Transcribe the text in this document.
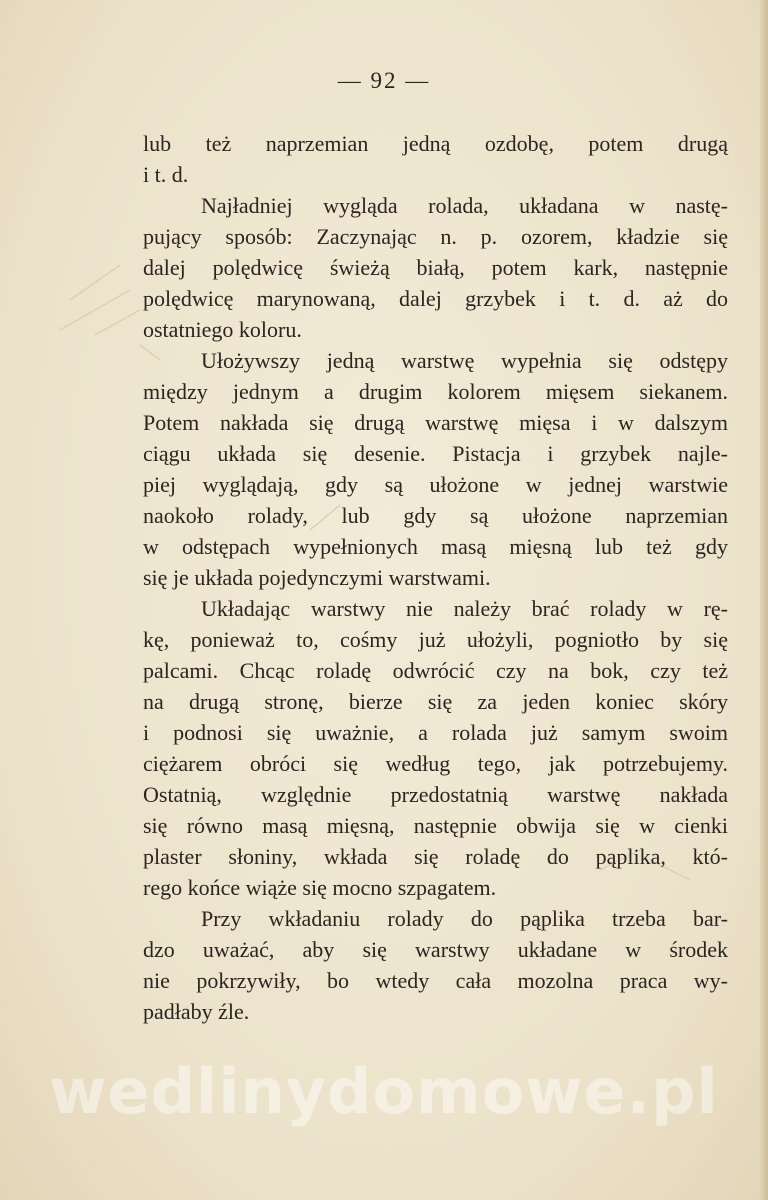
— 92 —
lub też naprzemian jedną ozdobę, potem drugą
i t. d.
Najładniej wygląda rolada, układana w nastę-
pujący sposób: Zaczynając n. p. ozorem, kładzie się
dalej polędwicę świeżą białą, potem kark, następnie
polędwicę marynowaną, dalej grzybek i t. d. aż do
ostatniego koloru.
Ułożywszy jedną warstwę wypełnia się odstępy
między jednym a drugim kolorem mięsem siekanem.
Potem nakłada się drugą warstwę mięsa i w dalszym
ciągu układa się desenie. Pistacja i grzybek najle-
piej wyglądają, gdy są ułożone w jednej warstwie
naokoło rolady, lub gdy są ułożone naprzemian
w odstępach wypełnionych masą mięsną lub też gdy
się je układa pojedynczymi warstwami.
Układając warstwy nie należy brać rolady w rę-
kę, ponieważ to, cośmy już ułożyli, pogniotło by się
palcami. Chcąc roladę odwrócić czy na bok, czy też
na drugą stronę, bierze się za jeden koniec skóry
i podnosi się uważnie, a rolada już samym swoim
ciężarem obróci się według tego, jak potrzebujemy.
Ostatnią, względnie przedostatnią warstwę nakłada
się równo masą mięsną, następnie obwija się w cienki
plaster słoniny, wkłada się roladę do pąplika, któ-
rego końce wiąże się mocno szpagatem.
Przy wkładaniu rolady do pąplika trzeba bar-
dzo uważać, aby się warstwy układane w środek
nie pokrzywiły, bo wtedy cała mozolna praca wy-
padłaby źle.
wedlinydomowe.pl
